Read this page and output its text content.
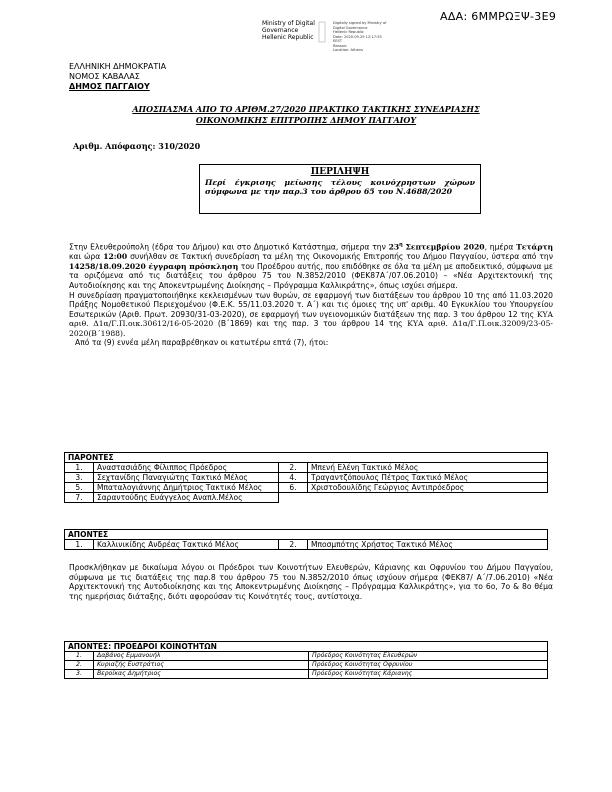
ΑΔΑ: 6ΜΜΡΩΞΨ-3Ε9
Ministry of Digital
Governance
Hellenic Republic
Digitally signed by Ministry of
Digital Governance
Hellenic Republic
Date: 2020.09.29 12:17:55
EEST
Reason:
Location: Athens
ΕΛΛΗΝΙΚΗ ΔΗΜΟΚΡΑΤΙΑ
ΝΟΜΟΣ ΚΑΒΑΛΑΣ
ΔΗΜΟΣ ΠΑΓΓΑΙΟΥ
ΑΠΟΣΠΑΣΜΑ ΑΠΟ ΤΟ ΑΡΙΘΜ.27/2020 ΠΡΑΚΤΙΚΟ ΤΑΚΤΙΚΗΣ ΣΥΝΕΔΡΙΑΣΗΣ
ΟΙΚΟΝΟΜΙΚΗΣ ΕΠΙΤΡΟΠΗΣ ΔΗΜΟΥ ΠΑΓΓΑΙΟΥ
Αριθμ. Απόφασης: 310/2020
ΠΕΡΙΛΗΨΗ
Περί έγκρισης μείωσης τέλους κοινόχρηστων χώρων σύμφωνα με την παρ.3 του άρθρου 65 του Ν.4688/2020

Στην Ελευθερούπολη (έδρα του Δήμου) και στο Δημοτικό Κατάστημα, σήμερα την $23^\eta$ Σεπτεμβρίου 2020, ημέρα Τετάρτη και ώρα 12:00 συνήλθαν σε Τακτική συνεδρίαση τα μέλη της Οικονομικής Επιτροπής του Δήμου Παγγαίου, ύστερα από την 14258/18.09.2020 έγγραφη πρόσκληση του Προέδρου αυτής, που επιδόθηκε σε όλα τα μέλη με αποδεικτικό, σύμφωνα με τα οριζόμενα από τις διατάξεις του άρθρου 75 του Ν.3852/2010 (ΦΕΚ87Α΄/07.06.2010) – «Νέα Αρχιτεκτονική της Αυτοδιοίκησης και της Αποκεντρωμένης Διοίκησης – Πρόγραμμα Καλλικράτης», όπως ισχύει σήμερα.

Η συνεδρίαση πραγματοποιήθηκε κεκλεισμένων των θυρών, σε εφαρμογή των διατάξεων του άρθρου 10 της από 11.03.2020 Πράξης Νομοθετικού Περιεχομένου (Φ.Ε.Κ. 55/11.03.2020 τ. Α΄) και τις όμοιες της υπ' αριθμ. 40 Εγκυκλίου του Υπουργείου Εσωτερικών (Αριθ. Πρωτ. 20930/31-03-2020), σε εφαρμογή των υγειονομικών διατάξεων της παρ. 3 του άρθρου 12 της ΚΥΑ αριθ. Δ1α/Γ.Π.οικ.30612/16-05-2020 (Β΄1869) και της παρ. 3 του άρθρου 14 της ΚΥΑ αριθ. Δ1α/Γ.Π.οικ.32009/23-05-2020(Β΄1988).

Από τα (9) εννέα μέλη παραβρέθηκαν οι κατωτέρω επτά (7), ήτοι:

ΠΑΡΟΝΤΕΣ			
1.	Αναστασιάδης Φίλιππος Πρόεδρος	2.	Μπενή Ελένη Τακτικό Μέλος
3.	Σεχτανίδης Παναγιώτης Τακτικό Μέλος	4.	Τραγαντζόπουλος Πέτρος Τακτικό Μέλος
5.	Μπαταλογιάννης Δημήτριος Τακτικό Μέλος	6.	Χριστοδουλίδης Γεώργιος Αντιπρόεδρος
7.	Σαραντούδης Ευάγγελος Αναπλ.Μέλος		
ΑΠΟΝΤΕΣ
1.	Καλλινικίδης Ανδρέας Τακτικό Μέλος	2.	Μποσμπότης Χρήστος Τακτικό Μέλος
Προσκλήθηκαν με δικαίωμα λόγου οι Πρόεδροι των Κοινοτήτων Ελευθερών, Κάριανης και Οφρυνίου του Δήμου Παγγαίου, σύμφωνα με τις διατάξεις της παρ.8 του άρθρου 75 του Ν.3852/2010 όπως ισχύουν σήμερα (ΦΕΚ87/ Α΄/7.06.2010) «Νέα Αρχιτεκτονική της Αυτοδιοίκησης και της Αποκεντρωμένης Διοίκησης – Πρόγραμμα Καλλικράτης», για το 6ο, 7ο & 8ο θέμα της ημερήσιας διάταξης, διότι αφορούσαν τις Κοινότητές τους, αντίστοιχα.
ΑΠΟΝΤΕΣ: ΠΡΟΕΔΡΟΙ ΚΟΙΝΟΤΗΤΩΝ		
1.	Δαβάνος Εμμανουήλ	Πρόεδρος Κοινότητας Ελευθερών
2.	Κυριαζής Ευστράτιος	Πρόεδρος Κοινότητας Οφρυνίου
3.	Βεροΐκας Δημήτριος	Πρόεδρος Κοινότητας Κάριανης
